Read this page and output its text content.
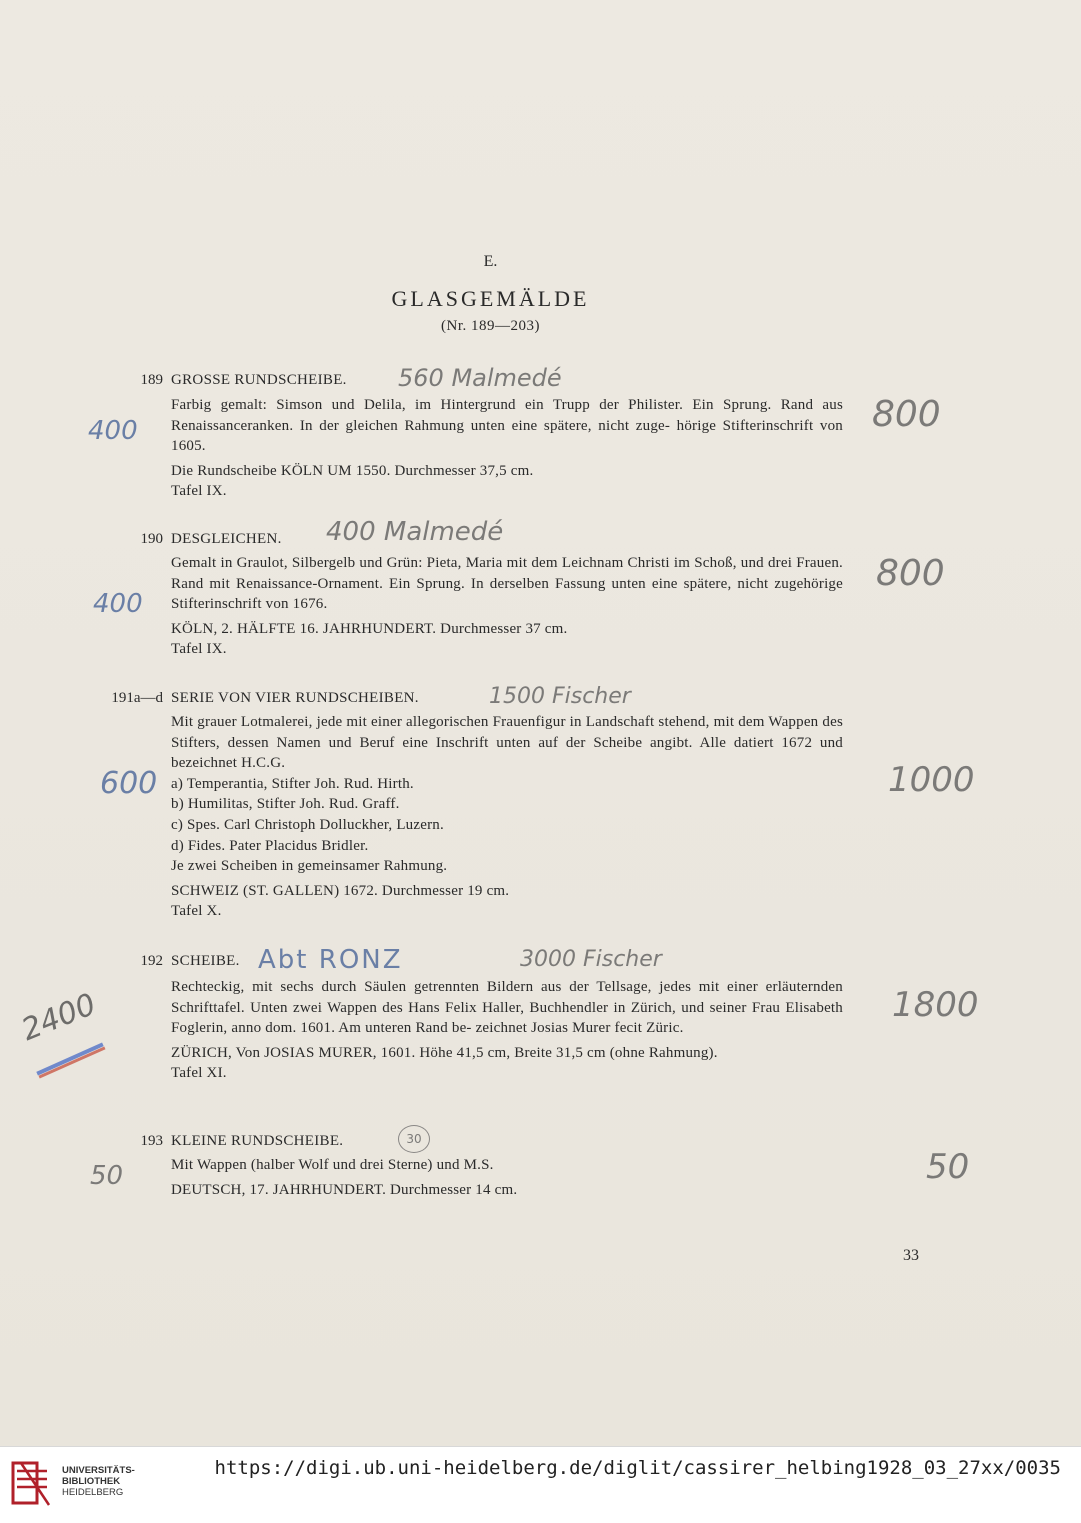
E.
GLASGEMÄLDE
(Nr. 189—203)
189 GROSSE RUNDSCHEIBE. 560 Malmedé

Farbig gemalt: Simson und Delila, im Hintergrund ein Trupp der Philister. Ein Sprung. Rand aus Renaissanceranken. In der gleichen Rahmung unten eine spätere, nicht zuge- hörige Stifterinschrift von 1605.

Die Rundscheibe KÖLN UM 1550. Durchmesser 37,5 cm.
Tafel IX.
400	800
190 DESGLEICHEN. 400 Malmedé

Gemalt in Graulot, Silbergelb und Grün: Pieta, Maria mit dem Leichnam Christi im Schoß, und drei Frauen. Rand mit Renaissance-Ornament. Ein Sprung. In derselben Fassung unten eine spätere, nicht zugehörige Stifterinschrift von 1676.

KÖLN, 2. HÄLFTE 16. JAHRHUNDERT. Durchmesser 37 cm.
Tafel IX.
400
800
191a—d SERIE VON VIER RUNDSCHEIBEN.	1500 Fischer

Mit grauer Lotmalerei, jede mit einer allegorischen Frauenfigur in Landschaft stehend, mit dem Wappen des Stifters, dessen Namen und Beruf eine Inschrift unten auf der Scheibe angibt. Alle datiert 1672 und bezeichnet H.C.G.

a) Temperantia, Stifter Joh. Rud. Hirth.
b) Humilitas, Stifter Joh. Rud. Graff.
c) Spes. Carl Christoph Dolluckher, Luzern.
d) Fides. Pater Placidus Bridler.
Je zwei Scheiben in gemeinsamer Rahmung.
SCHWEIZ (ST. GALLEN) 1672. Durchmesser 19 cm.
Tafel X.
600	1000
192 SCHEIBE. Abt RONZ	3000 Fischer

Rechteckig, mit sechs durch Säulen getrennten Bildern aus der Tellsage, jedes mit einer erläuternden Schrifttafel. Unten zwei Wappen des Hans Felix Haller, Buchhendler in Zürich, und seiner Frau Elisabeth Foglerin, anno dom. 1601. Am unteren Rand be- zeichnet Josias Murer fecit Züric.

ZÜRICH, Von JOSIAS MURER, 1601. Höhe 41,5 cm, Breite 31,5 cm (ohne Rahmung).
Tafel XI.
2400	1800
193 KLEINE RUNDSCHEIBE.	30
Mit Wappen (halber Wolf und drei Sterne) und M.S.
DEUTSCH, 17. JAHRHUNDERT. Durchmesser 14 cm.
50	50
33
UNIVERSITÄTS-
BIBLIOTHEK
HEIDELBERG
https://digi.ub.uni-heidelberg.de/diglit/cassirer_helbing1928_03_27xx/0035
